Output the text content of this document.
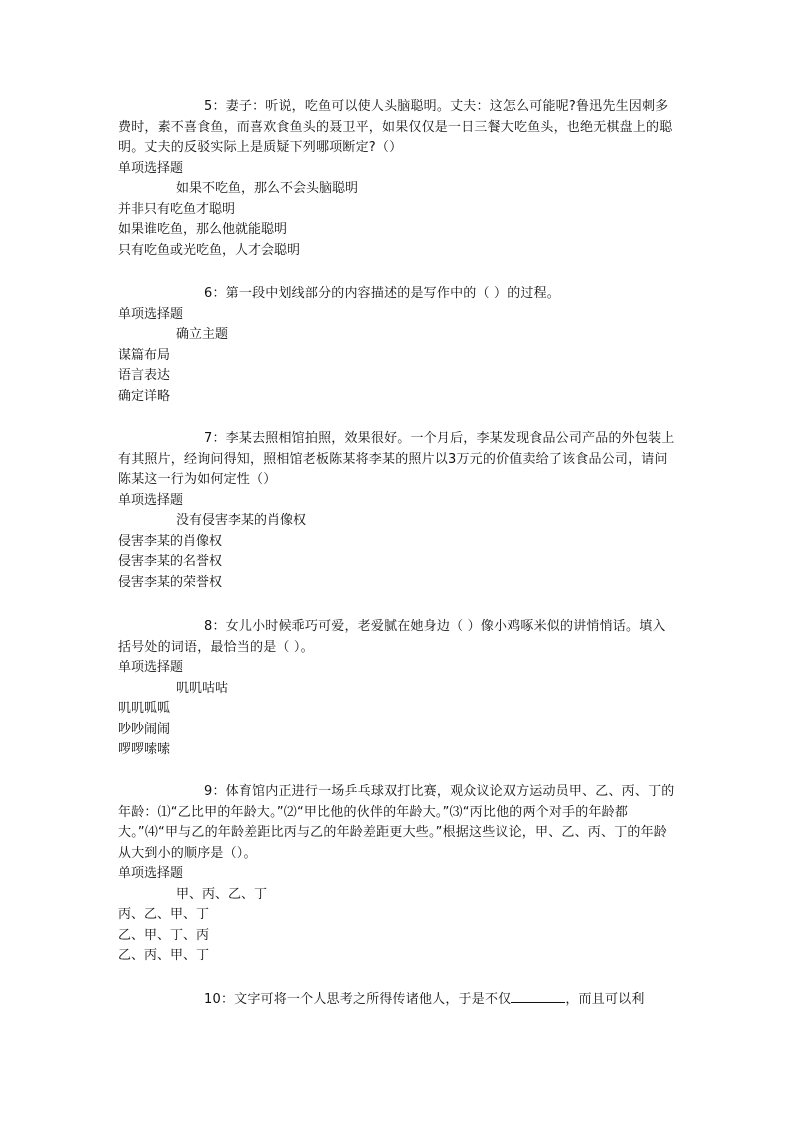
5：妻子：听说，吃鱼可以使人头脑聪明。丈夫：这怎么可能呢?鲁迅先生因刺多费时，素不喜食鱼，而喜欢食鱼头的聂卫平，如果仅仅是一日三餐大吃鱼头，也绝无棋盘上的聪明。丈夫的反驳实际上是质疑下列哪项断定?（）

单项选择题

如果不吃鱼，那么不会头脑聪明

并非只有吃鱼才聪明

如果谁吃鱼，那么他就能聪明

只有吃鱼或光吃鱼，人才会聪明

6：第一段中划线部分的内容描述的是写作中的（ ）的过程。

单项选择题

确立主题

谋篇布局

语言表达

确定详略

7：李某去照相馆拍照，效果很好。一个月后，李某发现食品公司产品的外包装上有其照片，经询问得知，照相馆老板陈某将李某的照片以3万元的价值卖给了该食品公司，请问陈某这一行为如何定性（）

单项选择题

没有侵害李某的肖像权

侵害李某的肖像权

侵害李某的名誉权

侵害李某的荣誉权

8：女儿小时候乖巧可爱，老爱腻在她身边（ ）像小鸡啄米似的讲悄悄话。填入括号处的词语，最恰当的是（ ）。

单项选择题

叽叽咕咕

叽叽呱呱

吵吵闹闹

啰啰嗦嗦

9：体育馆内正进行一场乒乓球双打比赛，观众议论双方运动员甲、乙、丙、丁的年龄：⑴“乙比甲的年龄大。”⑵“甲比他的伙伴的年龄大。”⑶“丙比他的两个对手的年龄都大。”⑷“甲与乙的年龄差距比丙与乙的年龄差距更大些。”根据这些议论，甲、乙、丙、丁的年龄从大到小的顺序是（）。

单项选择题

甲、丙、乙、丁

丙、乙、甲、丁

乙、甲、丁、丙

乙、丙、甲、丁

10：文字可将一个人思考之所得传诸他人，于是不仅	，而且可以利
